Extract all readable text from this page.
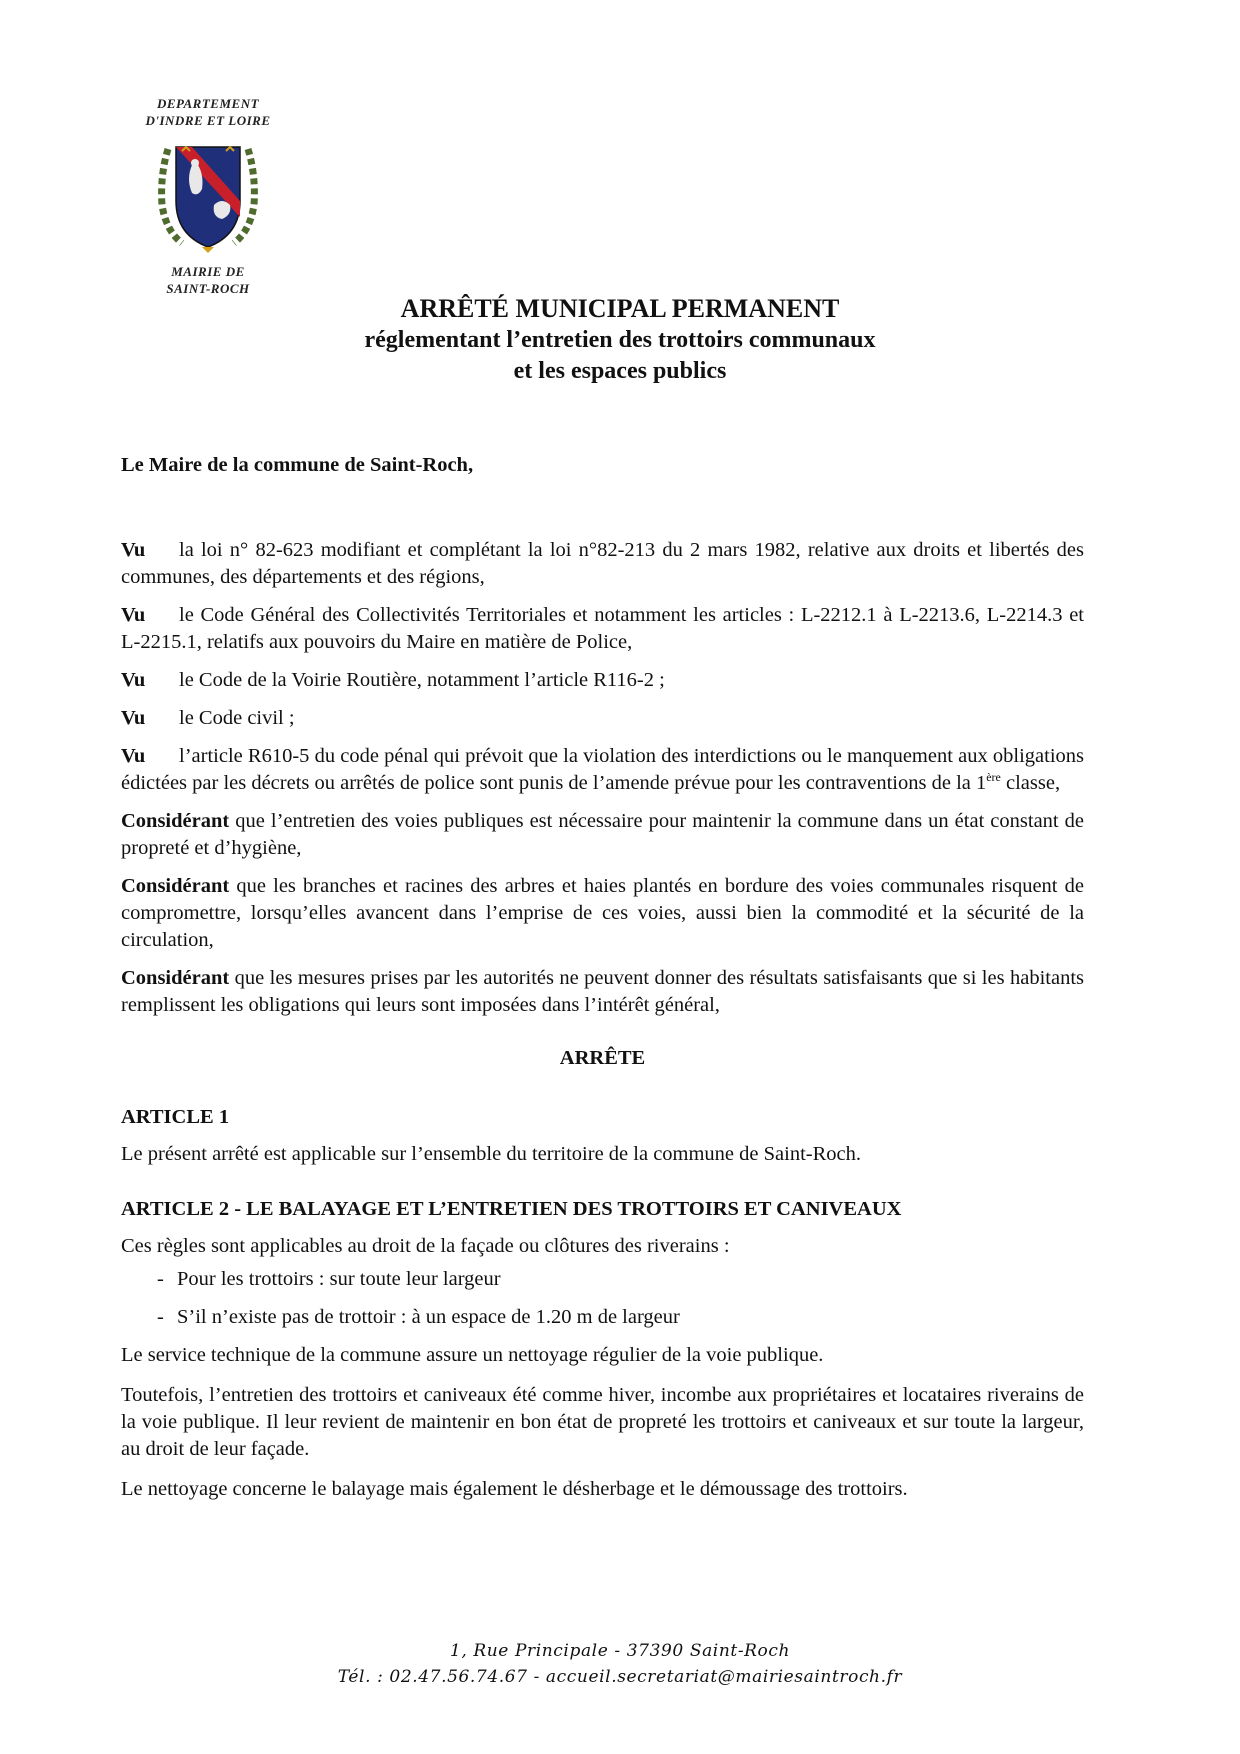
DEPARTEMENT
D'INDRE ET LOIRE
MAIRIE DE
SAINT-ROCH
ARRÊTÉ MUNICIPAL PERMANENT
réglementant l’entretien des trottoirs communaux
et les espaces publics

Le Maire de la commune de Saint-Roch,

Vu la loi n° 82-623 modifiant et complétant la loi n°82-213 du 2 mars 1982, relative aux droits et libertés des communes, des départements et des régions,

Vu le Code Général des Collectivités Territoriales et notamment les articles : L-2212.1 à L-2213.6, L-2214.3 et L-2215.1, relatifs aux pouvoirs du Maire en matière de Police,

Vu le Code de la Voirie Routière, notamment l’article R116-2 ;

Vu le Code civil ;

Vu l’article R610-5 du code pénal qui prévoit que la violation des interdictions ou le manquement aux obligations édictées par les décrets ou arrêtés de police sont punis de l’amende prévue pour les contraventions de la 1ère classe,

Considérant que l’entretien des voies publiques est nécessaire pour maintenir la commune dans un état constant de propreté et d’hygiène,

Considérant que les branches et racines des arbres et haies plantés en bordure des voies communales risquent de compromettre, lorsqu’elles avancent dans l’emprise de ces voies, aussi bien la commodité et la sécurité de la circulation,

Considérant que les mesures prises par les autorités ne peuvent donner des résultats satisfaisants que si les habitants remplissent les obligations qui leurs sont imposées dans l’intérêt général,

ARRÊTE

ARTICLE 1

Le présent arrêté est applicable sur l’ensemble du territoire de la commune de Saint-Roch.

ARTICLE 2 - LE BALAYAGE ET L’ENTRETIEN DES TROTTOIRS ET CANIVEAUX

Ces règles sont applicables au droit de la façade ou clôtures des riverains :

- Pour les trottoirs : sur toute leur largeur
- S’il n’existe pas de trottoir : à un espace de 1.20 m de largeur

Le service technique de la commune assure un nettoyage régulier de la voie publique.

Toutefois, l’entretien des trottoirs et caniveaux été comme hiver, incombe aux propriétaires et locataires riverains de la voie publique. Il leur revient de maintenir en bon état de propreté les trottoirs et caniveaux et sur toute la largeur, au droit de leur façade.

Le nettoyage concerne le balayage mais également le désherbage et le démoussage des trottoirs.

1, Rue Principale - 37390 Saint-Roch
Tél. : 02.47.56.74.67 - accueil.secretariat@mairiesaintroch.fr
